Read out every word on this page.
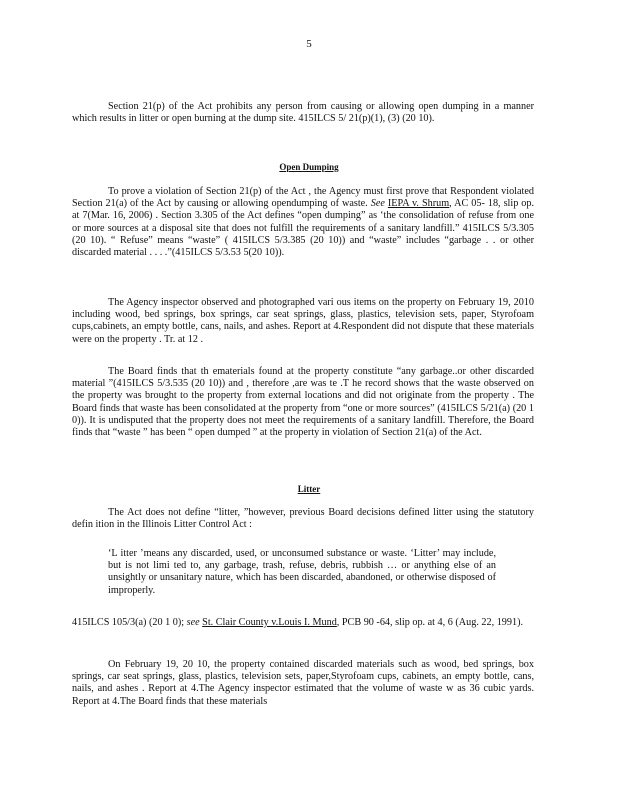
5

Section 21(p) of the Act prohibits any person from causing or allowing open dumping in a manner which results in litter or open burning at the dump site. 415ILCS 5/ 21(p)(1), (3) (20 10).

Open Dumping

To prove a violation of Section 21(p) of the Act , the Agency must first prove that Respondent violated Section 21(a) of the Act by causing or allowing opendumping of waste. See IEPA v. Shrum, AC 05- 18, slip op. at 7(Mar. 16, 2006) . Section 3.305 of the Act defines “open dumping” as ‘the consolidation of refuse from one or more sources at a disposal site that does not fulfill the requirements of a sanitary landfill.” 415ILCS 5/3.305 (20 10). “ Refuse” means “waste” ( 415ILCS 5/3.385 (20 10)) and “waste” includes “garbage . . or other discarded material . . . .”(415ILCS 5/3.53 5(20 10)).

The Agency inspector observed and photographed vari ous items on the property on February 19, 2010 including wood, bed springs, box springs, car seat springs, glass, plastics, television sets, paper, Styrofoam cups,cabinets, an empty bottle, cans, nails, and ashes. Report at 4.Respondent did not dispute that these materials were on the property . Tr. at 12 .

The Board finds that th ematerials found at the property constitute “any garbage..or other discarded material ”(415ILCS 5/3.535 (20 10)) and , therefore ,are was te .T he record shows that the waste observed on the property was brought to the property from external locations and did not originate from the property . The Board finds that waste has been consolidated at the property from “one or more sources” (415ILCS 5/21(a) (20 1 0)). It is undisputed that the property does not meet the requirements of a sanitary landfill. Therefore, the Board finds that “waste ” has been “ open dumped ” at the property in violation of Section 21(a) of the Act.

Litter

The Act does not define “litter, ”however, previous Board decisions defined litter using the statutory defin ition in the Illinois Litter Control Act :

‘L itter ’means any discarded, used, or unconsumed substance or waste. ‘Litter’ may include, but is not limi ted to, any garbage, trash, refuse, debris, rubbish … or anything else of an unsightly or unsanitary nature, which has been discarded, abandoned, or otherwise disposed of improperly.

415ILCS 105/3(a) (20 1 0); see St. Clair County v.Louis I. Mund, PCB 90 -64, slip op. at 4, 6 (Aug. 22, 1991).

On February 19, 20 10, the property contained discarded materials such as wood, bed springs, box springs, car seat springs, glass, plastics, television sets, paper,Styrofoam cups, cabinets, an empty bottle, cans, nails, and ashes . Report at 4.The Agency inspector estimated that the volume of waste w as 36 cubic yards. Report at 4.The Board finds that these materials
